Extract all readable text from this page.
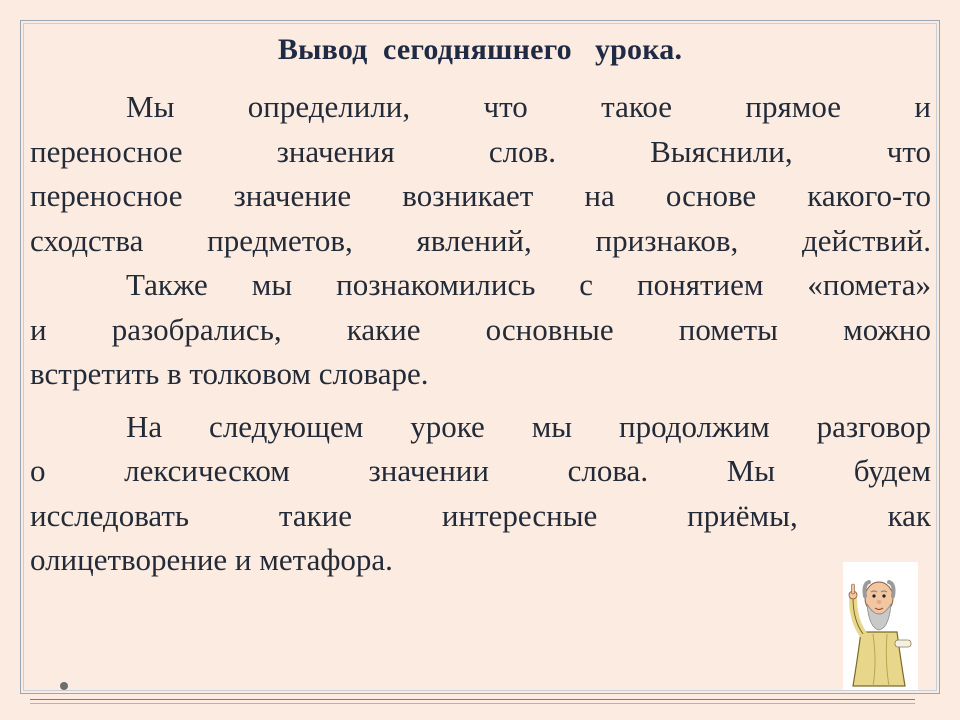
Вывод  сегодняшнего   урока.
Мы определили, что такое прямое и
переносное значения слов. Выяснили, что
переносное значение возникает на основе какого-то
сходства предметов, явлений, признаков, действий.
Также мы познакомились с понятием «помета»
и разобрались, какие основные пометы можно
встретить в толковом словаре.
На следующем уроке мы продолжим разговор
о лексическом значении слова. Мы будем
исследовать такие интересные приёмы, как
олицетворение и метафора.
